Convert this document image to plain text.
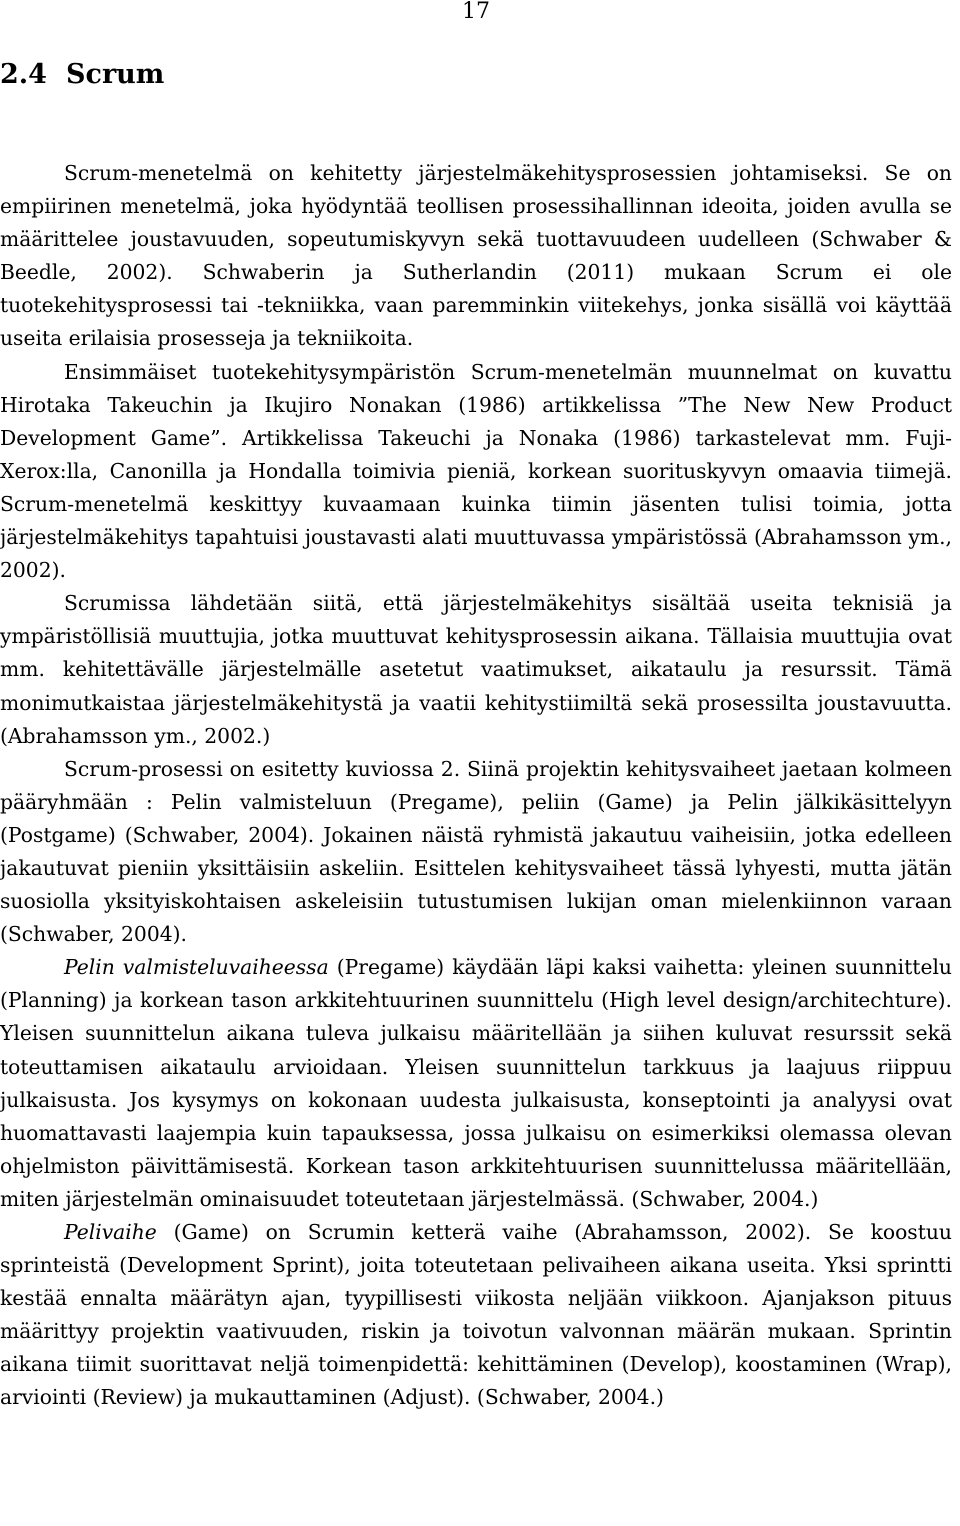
17
2.4 Scrum

Scrum-menetelmä on kehitetty järjestelmäkehitysprosessien johtamiseksi. Se on empiirinen menetelmä, joka hyödyntää teollisen prosessihallinnan ideoita, joiden avulla se määrittelee joustavuuden, sopeutumiskyvyn sekä tuottavuudeen uudelleen (Schwaber & Beedle, 2002). Schwaberin ja Sutherlandin (2011) mukaan Scrum ei ole tuotekehitysprosessi tai -tekniikka, vaan paremminkin viitekehys, jonka sisällä voi käyttää useita erilaisia prosesseja ja tekniikoita.

Ensimmäiset tuotekehitysympäristön Scrum-menetelmän muunnelmat on kuvattu Hirotaka Takeuchin ja Ikujiro Nonakan (1986) artikkelissa ”The New New Product Development Game”. Artikkelissa Takeuchi ja Nonaka (1986) tarkastelevat mm. Fuji-Xerox:lla, Canonilla ja Hondalla toimivia pieniä, korkean suorituskyvyn omaavia tiimejä. Scrum-menetelmä keskittyy kuvaamaan kuinka tiimin jäsenten tulisi toimia, jotta järjestelmäkehitys tapahtuisi joustavasti alati muuttuvassa ympäristössä (Abrahamsson ym., 2002).

Scrumissa lähdetään siitä, että järjestelmäkehitys sisältää useita teknisiä ja ympäristöllisiä muuttujia, jotka muuttuvat kehitysprosessin aikana. Tällaisia muuttujia ovat mm. kehitettävälle järjestelmälle asetetut vaatimukset, aikataulu ja resurssit. Tämä monimutkaistaa järjestelmäkehitystä ja vaatii kehitystiimiltä sekä prosessilta joustavuutta. (Abrahamsson ym., 2002.)

Scrum-prosessi on esitetty kuviossa 2. Siinä projektin kehitysvaiheet jaetaan kolmeen pääryhmään : Pelin valmisteluun (Pregame), peliin (Game) ja Pelin jälkikäsittelyyn (Postgame) (Schwaber, 2004). Jokainen näistä ryhmistä jakautuu vaiheisiin, jotka edelleen jakautuvat pieniin yksittäisiin askeliin. Esittelen kehitysvaiheet tässä lyhyesti, mutta jätän suosiolla yksityiskohtaisen askeleisiin tutustumisen lukijan oman mielenkiinnon varaan (Schwaber, 2004).

Pelin valmisteluvaiheessa (Pregame) käydään läpi kaksi vaihetta: yleinen suunnittelu (Planning) ja korkean tason arkkitehtuurinen suunnittelu (High level design/architechture). Yleisen suunnittelun aikana tuleva julkaisu määritellään ja siihen kuluvat resurssit sekä toteuttamisen aikataulu arvioidaan. Yleisen suunnittelun tarkkuus ja laajuus riippuu julkaisusta. Jos kysymys on kokonaan uudesta julkaisusta, konseptointi ja analyysi ovat huomattavasti laajempia kuin tapauksessa, jossa julkaisu on esimerkiksi olemassa olevan ohjelmiston päivittämisestä. Korkean tason arkkitehtuurisen suunnittelussa määritellään, miten järjestelmän ominaisuudet toteutetaan järjestelmässä. (Schwaber, 2004.)

Pelivaihe (Game) on Scrumin ketterä vaihe (Abrahamsson, 2002). Se koostuu sprinteistä (Development Sprint), joita toteutetaan pelivaiheen aikana useita. Yksi sprintti kestää ennalta määrätyn ajan, tyypillisesti viikosta neljään viikkoon. Ajanjakson pituus määrittyy projektin vaativuuden, riskin ja toivotun valvonnan määrän mukaan. Sprintin aikana tiimit suorittavat neljä toimenpidettä: kehittäminen (Develop), koostaminen (Wrap), arviointi (Review) ja mukauttaminen (Adjust). (Schwaber, 2004.)
